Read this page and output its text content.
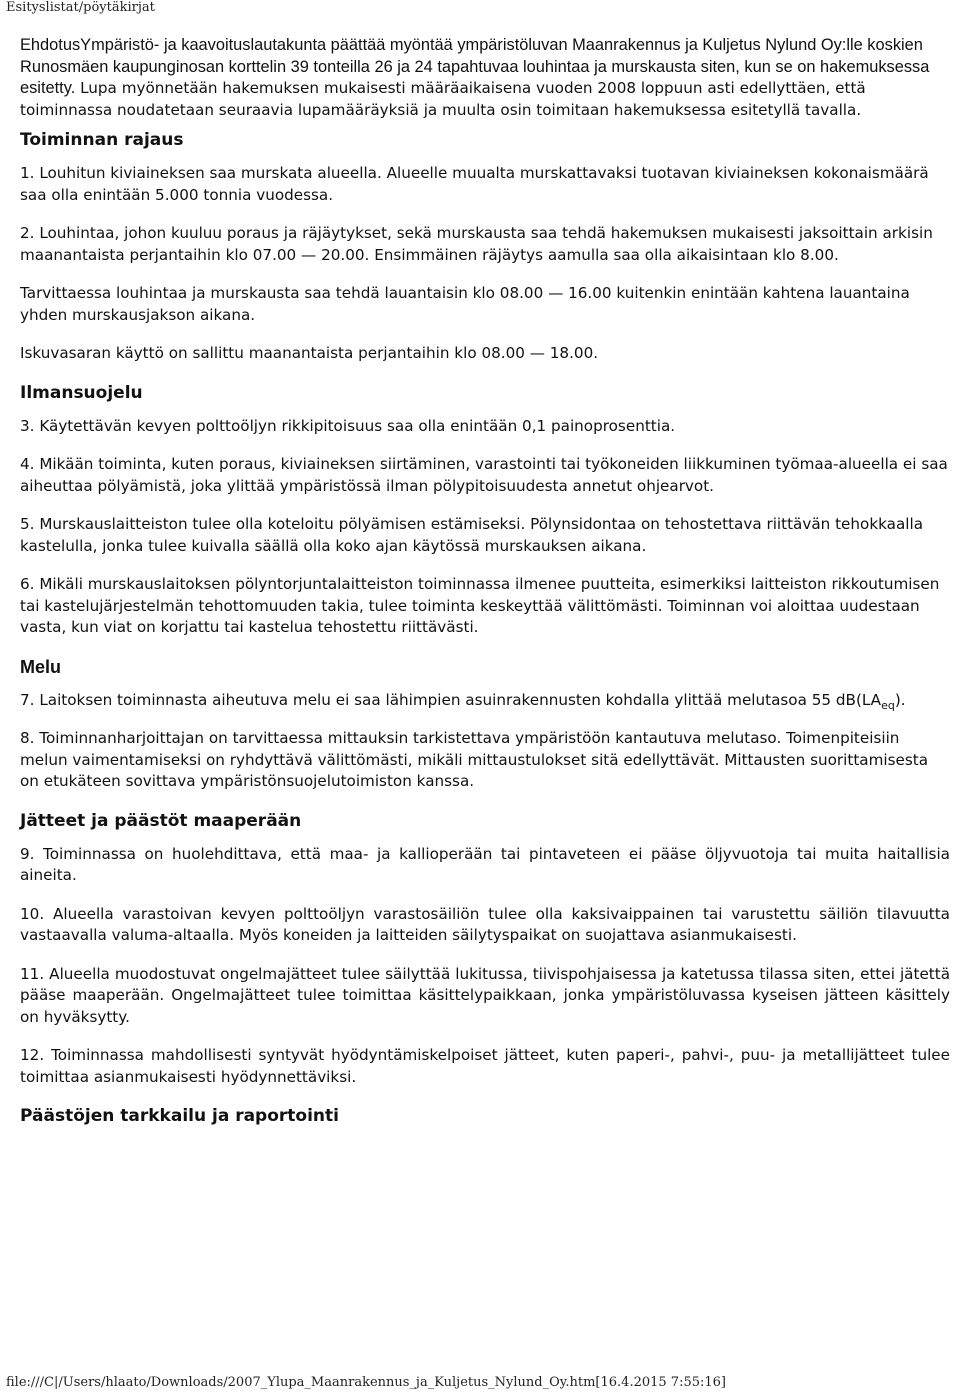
Esityslistat/pöytäkirjat

EhdotusYmpäristö- ja kaavoituslautakunta päättää myöntää ympäristöluvan Maanrakennus ja Kuljetus Nylund Oy:lle koskien Runosmäen kaupunginosan korttelin 39 tonteilla 26 ja 24 tapahtuvaa louhintaa ja murskausta siten, kun se on hakemuksessa esitetty. Lupa myönnetään hakemuksen mukaisesti määräaikaisena vuoden 2008 loppuun asti edellyttäen, että toiminnassa noudatetaan seuraavia lupamääräyksiä ja muulta osin toimitaan hakemuksessa esitetyllä tavalla.

Toiminnan rajaus

1. Louhitun kiviaineksen saa murskata alueella. Alueelle muualta murskattavaksi tuotavan kiviaineksen kokonaismäärä saa olla enintään 5.000 tonnia vuodessa.

2. Louhintaa, johon kuuluu poraus ja räjäytykset, sekä murskausta saa tehdä hakemuksen mukaisesti jaksoittain arkisin maanantaista perjantaihin klo 07.00 — 20.00. Ensimmäinen räjäytys aamulla saa olla aikaisintaan klo 8.00.

Tarvittaessa louhintaa ja murskausta saa tehdä lauantaisin klo 08.00 — 16.00 kuitenkin enintään kahtena lauantaina yhden murskausjakson aikana.

Iskuvasaran käyttö on sallittu maanantaista perjantaihin klo 08.00 — 18.00.

Ilmansuojelu

3. Käytettävän kevyen polttoöljyn rikkipitoisuus saa olla enintään 0,1 painoprosenttia.

4. Mikään toiminta, kuten poraus, kiviaineksen siirtäminen, varastointi tai työkoneiden liikkuminen työmaa-alueella ei saa aiheuttaa pölyämistä, joka ylittää ympäristössä ilman pölypitoisuudesta annetut ohjearvot.

5. Murskauslaitteiston tulee olla koteloitu pölyämisen estämiseksi. Pölynsidontaa on tehostettava riittävän tehokkaalla kastelulla, jonka tulee kuivalla säällä olla koko ajan käytössä murskauksen aikana.

6. Mikäli murskauslaitoksen pölyntorjuntalaitteiston toiminnassa ilmenee puutteita, esimerkiksi laitteiston rikkoutumisen tai kastelujärjestelmän tehottomuuden takia, tulee toiminta keskeyttää välittömästi. Toiminnan voi aloittaa uudestaan vasta, kun viat on korjattu tai kastelua tehostettu riittävästi.

Melu

7. Laitoksen toiminnasta aiheutuva melu ei saa lähimpien asuinrakennusten kohdalla ylittää melutasoa 55 $dB(LA_{eq})$.

8. Toiminnanharjoittajan on tarvittaessa mittauksin tarkistettava ympäristöön kantautuva melutaso. Toimenpiteisiin melun vaimentamiseksi on ryhdyttävä välittömästi, mikäli mittaustulokset sitä edellyttävät. Mittausten suorittamisesta on etukäteen sovittava ympäristönsuojelutoimiston kanssa.

Jätteet ja päästöt maaperään

9. Toiminnassa on huolehdittava, että maa- ja kallioperään tai pintaveteen ei pääse öljyvuotoja tai muita haitallisia aineita.

10. Alueella varastoivan kevyen polttoöljyn varastosäiliön tulee olla kaksivaippainen tai varustettu säiliön tilavuutta vastaavalla valuma-altaalla. Myös koneiden ja laitteiden säilytyspaikat on suojattava asianmukaisesti.

11. Alueella muodostuvat ongelmajätteet tulee säilyttää lukitussa, tiivispohjaisessa ja katetussa tilassa siten, ettei jätettä pääse maaperään. Ongelmajätteet tulee toimittaa käsittelypaikkaan, jonka ympäristöluvassa kyseisen jätteen käsittely on hyväksytty.

12. Toiminnassa mahdollisesti syntyvät hyödyntämiskelpoiset jätteet, kuten paperi-, pahvi-, puu- ja metallijätteet tulee toimittaa asianmukaisesti hyödynnettäviksi.

Päästöjen tarkkailu ja raportointi
file:///C|/Users/hlaato/Downloads/2007_Ylupa_Maanrakennus_ja_Kuljetus_Nylund_Oy.htm[16.4.2015 7:55:16]
